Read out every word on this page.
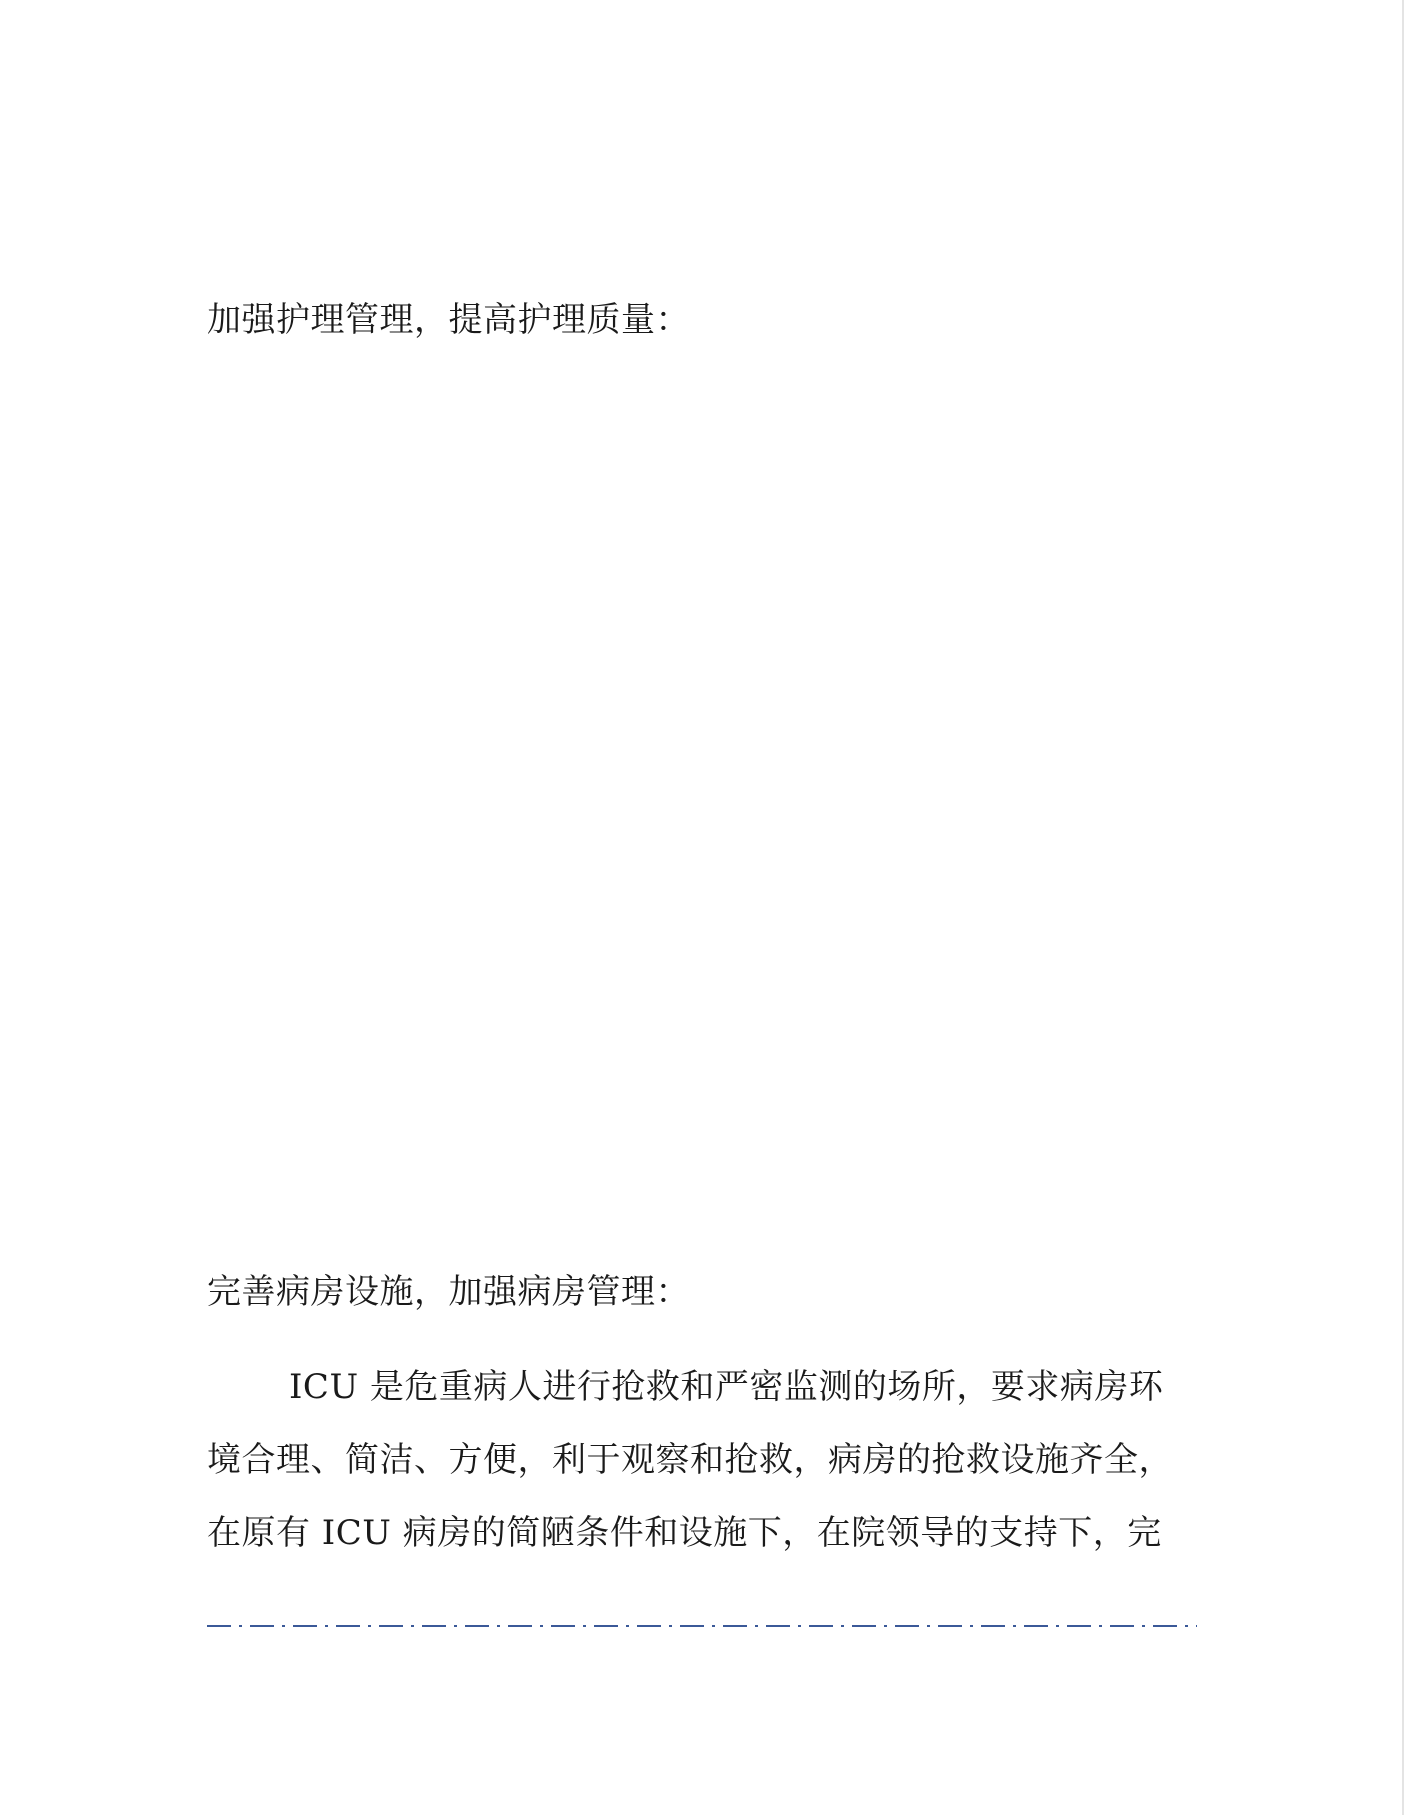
加强护理管理，提高护理质量：
完善病房设施，加强病房管理：
ICU 是危重病人进行抢救和严密监测的场所，要求病房环
境合理、简洁、方便，利于观察和抢救，病房的抢救设施齐全，
在原有 ICU 病房的简陋条件和设施下，在院领导的支持下，完
